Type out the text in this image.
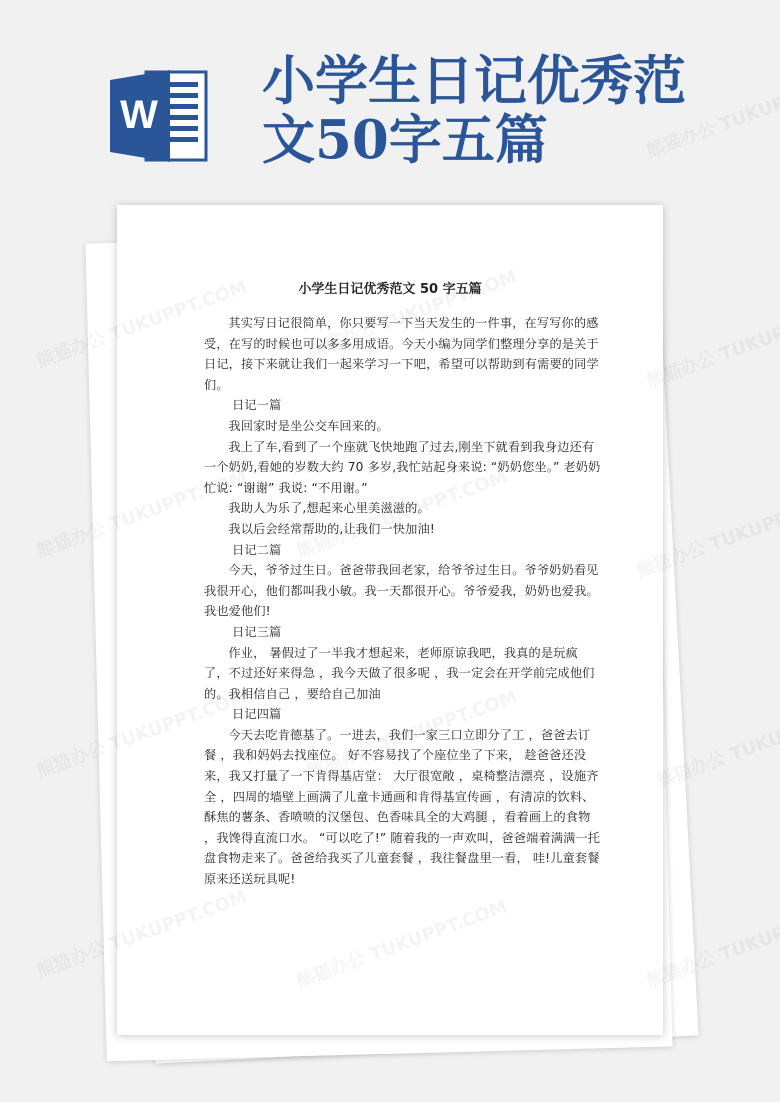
W
小学生日记优秀范
文50字五篇
小学生日记优秀范文 50 字五篇

其实写日记很简单，你只要写一下当天发生的一件事，在写写你的感受，在写的时候也可以多多用成语。今天小编为同学们整理分享的是关于日记，接下来就让我们一起来学习一下吧，希望可以帮助到有需要的同学们。

日记一篇

我回家时是坐公交车回来的。

我上了车,看到了一个座就飞快地跑了过去,刚坐下就看到我身边还有一个奶奶,看她的岁数大约 70 多岁,我忙站起身来说: “奶奶您坐。” 老奶奶忙说: “谢谢” 我说: “不用谢。”

我助人为乐了,想起来心里美滋滋的。

我以后会经常帮助的,让我们一快加油!

日记二篇

今天，爷爷过生日。爸爸带我回老家，给爷爷过生日。爷爷奶奶看见我很开心，他们都叫我小敏。我一天都很开心。爷爷爱我，奶奶也爱我。我也爱他们!

日记三篇

作业， 暑假过了一半我才想起来，老师原谅我吧，我真的是玩疯了，不过还好来得急 ，我今天做了很多呢 ，我一定会在开学前完成他们的。我相信自己 ，要给自己加油

日记四篇

今天去吃肯德基了。一进去，我们一家三口立即分了工 ，爸爸去订餐 ，我和妈妈去找座位。 好不容易找了个座位坐了下来， 趁爸爸还没来，我又打量了一下肯得基店堂： 大厅很宽敞 ，桌椅整洁漂亮 ，设施齐全 ，四周的墙壁上画满了儿童卡通画和肯得基宣传画 ，有清凉的饮料、酥焦的薯条、香喷喷的汉堡包、色香味具全的大鸡腿 ，看着画上的食物 ，我馋得直流口水。 “可以吃了!” 随着我的一声欢叫，爸爸端着满满一托盘食物走来了。爸爸给我买了儿童套餐 ，我往餐盘里一看， 哇!儿童套餐原来还送玩具呢!
